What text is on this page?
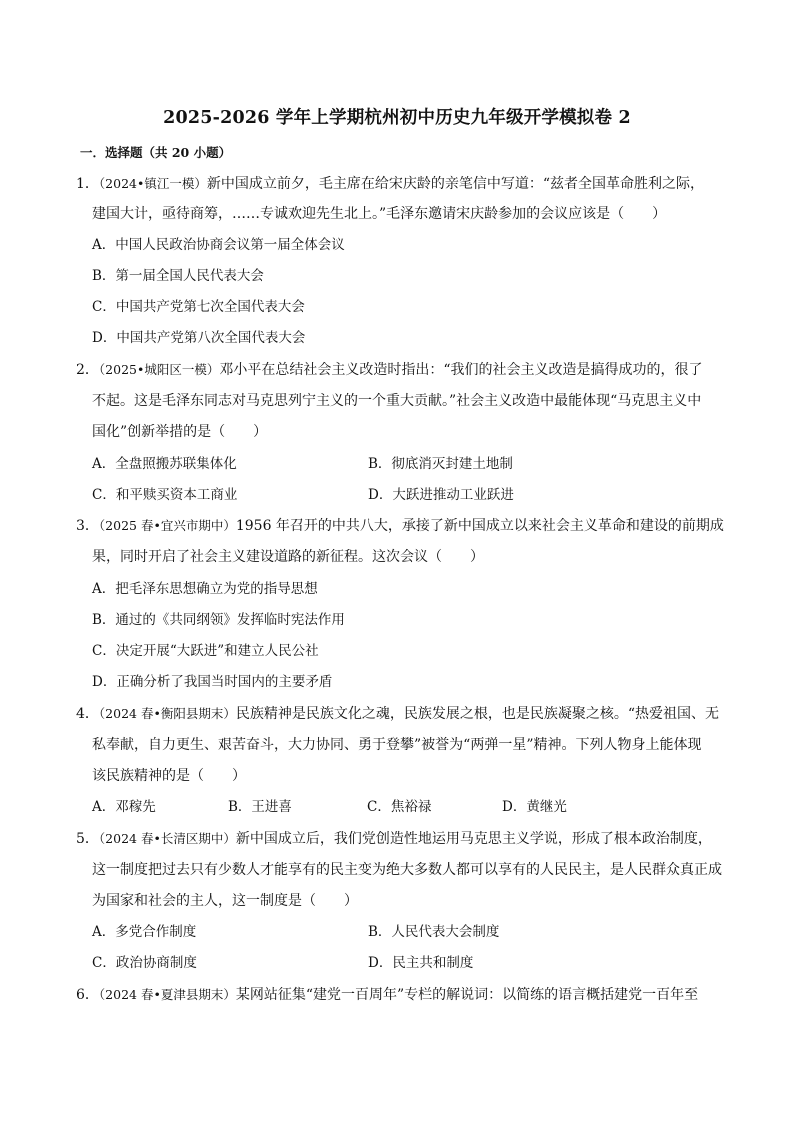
2025-2026 学年上学期杭州初中历史九年级开学模拟卷 2
一．选择题（共 20 小题）
1．（2024•镇江一模）新中国成立前夕，毛主席在给宋庆龄的亲笔信中写道：“兹者全国革命胜利之际，
建国大计，亟待商筹，……专诚欢迎先生北上。”毛泽东邀请宋庆龄参加的会议应该是（　　）
A．中国人民政治协商会议第一届全体会议
B．第一届全国人民代表大会
C．中国共产党第七次全国代表大会
D．中国共产党第八次全国代表大会
2．（2025•城阳区一模）邓小平在总结社会主义改造时指出：“我们的社会主义改造是搞得成功的，很了
不起。这是毛泽东同志对马克思列宁主义的一个重大贡献。”社会主义改造中最能体现“马克思主义中
国化”创新举措的是（　　）
A．全盘照搬苏联集体化	B．彻底消灭封建土地制
C．和平赎买资本工商业	D．大跃进推动工业跃进
3．（2025 春•宜兴市期中）1956 年召开的中共八大，承接了新中国成立以来社会主义革命和建设的前期成
果，同时开启了社会主义建设道路的新征程。这次会议（　　）
A．把毛泽东思想确立为党的指导思想
B．通过的《共同纲领》发挥临时宪法作用
C．决定开展“大跃进”和建立人民公社
D．正确分析了我国当时国内的主要矛盾
4．（2024 春•衡阳县期末）民族精神是民族文化之魂，民族发展之根，也是民族凝聚之核。“热爱祖国、无
私奉献，自力更生、艰苦奋斗，大力协同、勇于登攀”被誉为“两弹一星”精神。下列人物身上能体现
该民族精神的是（　　）
A．邓稼先	B．王进喜	C．焦裕禄	D．黄继光
5．（2024 春•长清区期中）新中国成立后，我们党创造性地运用马克思主义学说，形成了根本政治制度，
这一制度把过去只有少数人才能享有的民主变为绝大多数人都可以享有的人民民主，是人民群众真正成
为国家和社会的主人，这一制度是（　　）
A．多党合作制度	B．人民代表大会制度
C．政治协商制度	D．民主共和制度
6．（2024 春•夏津县期末）某网站征集“建党一百周年”专栏的解说词：以简练的语言概括建党一百年至
